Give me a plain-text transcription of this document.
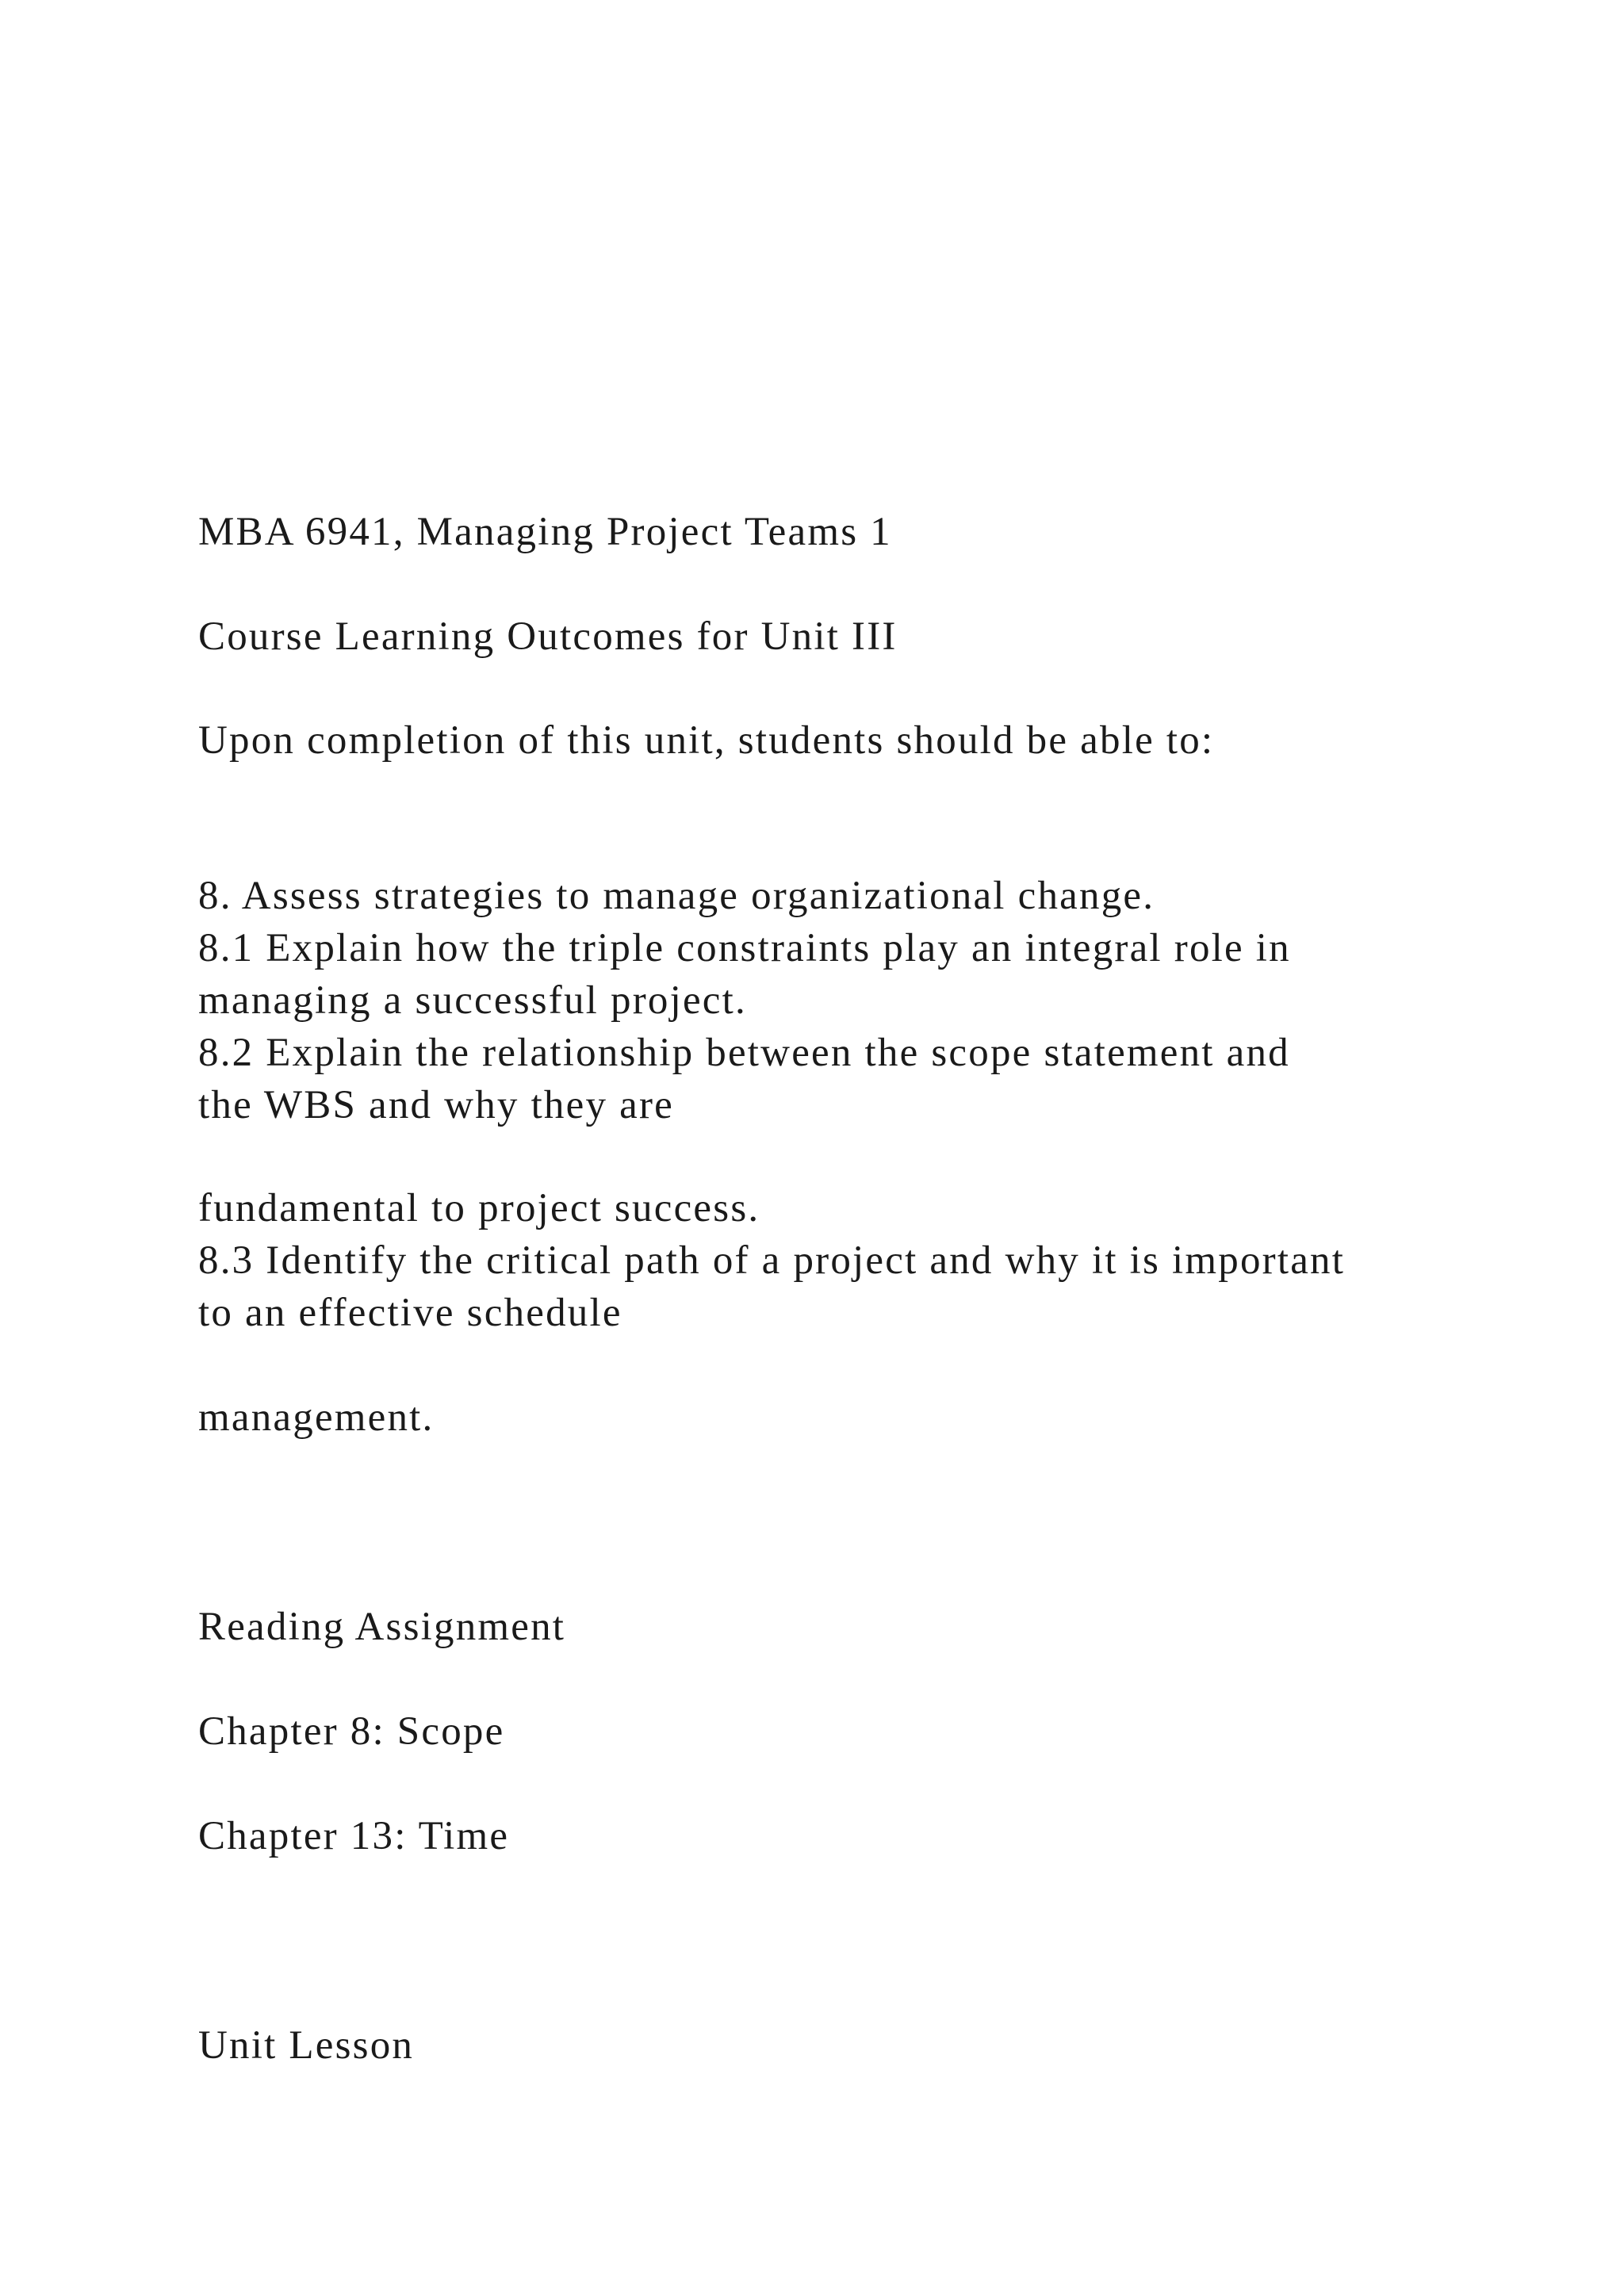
MBA 6941, Managing Project Teams 1

Course Learning Outcomes for Unit III

Upon completion of this unit, students should be able to:

8. Assess strategies to manage organizational change.

8.1 Explain how the triple constraints play an integral role in

managing a successful project.

8.2 Explain the relationship between the scope statement and

the WBS and why they are

fundamental to project success.

8.3 Identify the critical path of a project and why it is important

to an effective schedule

management.

Reading Assignment

Chapter 8: Scope

Chapter 13: Time

Unit Lesson
